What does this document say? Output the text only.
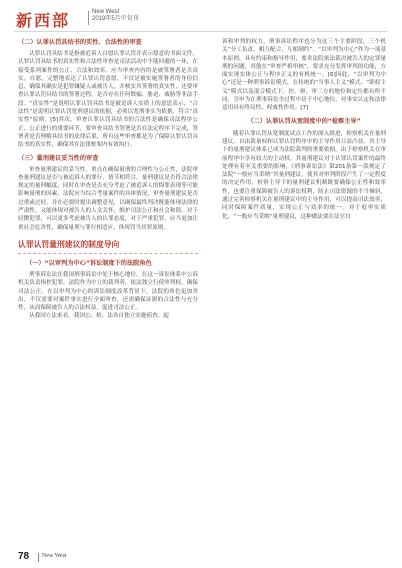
新西部	New West
2019年5月中旬刊
（二）认罪认罚具结书的实性、合法性的审查

认罪认罚具结书是指被追诉人自愿认罪认罚并表示愿意的书面文件，认罪认罚具结书的真实性和合法性审查是司法活动中不能回避的一环，在接受系列案件的公正、合法和效率。应当审查内容的是被签署者是否真实，自愿，完整地表达了认罪认罚意愿。不仅是被实施签署者的身份信息，确保其确实是犯罪嫌疑人或被告人，并核实其签署的真实性，还要审查认罪认罚具结书的签署过程，是否存在任何欺骗、胁迫、威胁等非法手段。“真实性”是说明认罪认罚具结书是被追诉人实质上的意思表示，“合法性”是说明认罪认罚宽刑建议的依据，必须以宽刑事实为依据，符合“真实性”原则。[5]其次，审查认罪认罚具结书的合法性是确保司法程序公正、公正进行的重要环节，要审查具结书签署是否在法定程序下完成，签署者是否理解具结书的法律后果，所有这些审查都是为了保障认罪认罚具结书的真实性，确保其在法律框架内有效执行。

（三）量刑建议妥当性的审查

审查量刑建议的妥当性，重点在确保量刑的合理性与公正性，法院审查量刑建议是否与被追诉人的罪行、情节相符合，量刑建议是否符合法律规定的量刑幅度，同时在审查是否充分考虑了被追诉人的悔罪表现等可能影响量刑的因素，法院应当综合考量案件的具体情况，审查量刑建议是否过重或过轻，并在必要时提出调整意见，以确保最终判决既能体现法律的严肃性，又能体现对被告人的人文关怀，维护司法公正和社会和谐。对于轻微犯罪，可以更多考虑被告人的认罪态度，对于严重犯罪，应当更加注重社会危害性，确保量刑与罪行相适应，体现罚当其罪原则。

认罪认罚量刑建议的制度导向
（一）“以审判为中心”诉讼制度下的法院角色

刑事诉讼法在我国刑事诉讼中处于核心地位，在这一诉讼体系中公诉机关负责指控犯罪，法院作为中立的裁判者，依法独立行使审判权，确保司法公正。在以审判为中心的诉讼制度改革背景下，法院的角色更加突出，不仅需要对案件事实进行全面审查，还需确保证据的合法性与充分性，从而保障被告人的合法权益，促进司法公正。

从我国立法来看，我国公、检、法各自独立实施侦查、起

诉和审判的权力，刑事诉讼程序也分为这三个主要阶段，三个机关“分工负责，相互配合，互相制约”。“以审判为中心”作为一项基本原则，具有约束和指导作用，要求法院依法裁决被告人的定罪量刑的问题，其他在“审查严格审核”，要求充分发挥审判的功能，方面实现实体公正与程序正义的有机统一。[6]因此，“以审判为中心”还是一种刑事诉讼模式，在传统的“当事人主义”模式、“职权主义”模式以及混合模式下，控、辩、审三方的地位和定位都有所不同，引申为在刑事诉讼全过程中居于中心地位，对事实认定和法律适用具有终局性、权威性作用。[7]

（二）认罪认罚从宽制度中的“检察主导”

随着认罪认罚从宽制度试点工作的深入推进，检察机关在量刑建议、自由裁量权和认罪认罚程序中的主导作用日益凸显，其主导下的量刑建议体系已成为法院裁判的重要依据，由于检察机关在审前程序中享有较大的主动权，其量刑建议对于认罪认罚案件的最终处理有着至关重要的影响，《刑事诉讼法》第201条第一款规定了法院“一般应当采纳”其量刑建议，使其对审判阶段产生了一定程度的决定作用，检察主导下的量刑建议机制既要确保公正性和效率性，也要注重保障被告人的诉讼权利，防止司法资源的不当倾斜，通过完善检察机关在量刑建议中的主导作用，可以提高司法效率，同时保障案件质量，实现公正与效率的统一。对于庭审实质化，“一般应当采纳”量刑建议，这种做法要在法官自

78 New West
